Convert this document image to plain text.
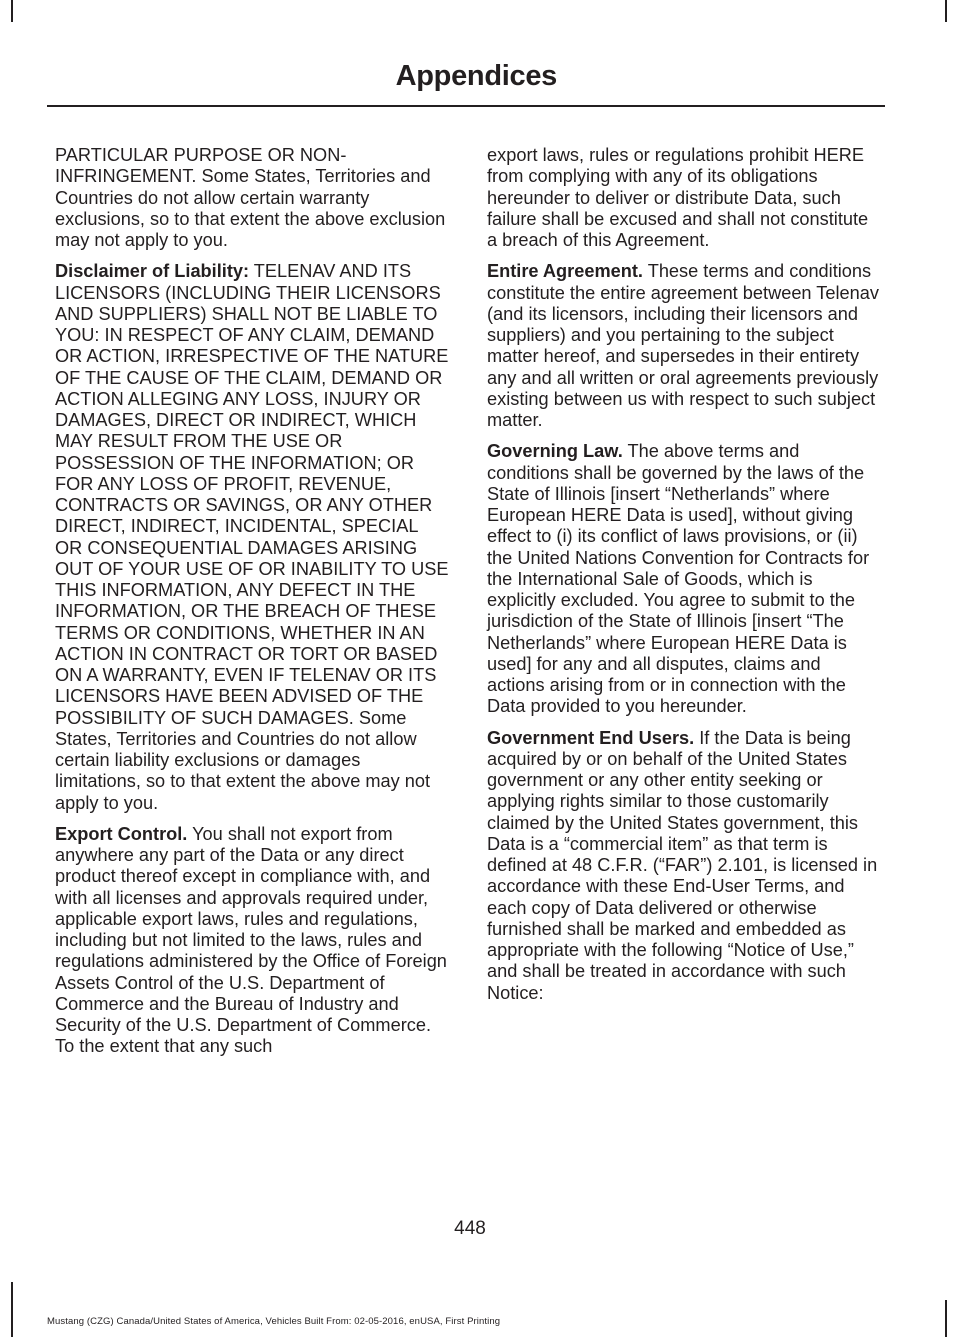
Appendices

PARTICULAR PURPOSE OR NON-INFRINGEMENT. Some States, Territories and Countries do not allow certain warranty exclusions, so to that extent the above exclusion may not apply to you.

Disclaimer of Liability: TELENAV AND ITS LICENSORS (INCLUDING THEIR LICENSORS AND SUPPLIERS) SHALL NOT BE LIABLE TO YOU: IN RESPECT OF ANY CLAIM, DEMAND OR ACTION, IRRESPECTIVE OF THE NATURE OF THE CAUSE OF THE CLAIM, DEMAND OR ACTION ALLEGING ANY LOSS, INJURY OR DAMAGES, DIRECT OR INDIRECT, WHICH MAY RESULT FROM THE USE OR POSSESSION OF THE INFORMATION; OR FOR ANY LOSS OF PROFIT, REVENUE, CONTRACTS OR SAVINGS, OR ANY OTHER DIRECT, INDIRECT, INCIDENTAL, SPECIAL OR CONSEQUENTIAL DAMAGES ARISING OUT OF YOUR USE OF OR INABILITY TO USE THIS INFORMATION, ANY DEFECT IN THE INFORMATION, OR THE BREACH OF THESE TERMS OR CONDITIONS, WHETHER IN AN ACTION IN CONTRACT OR TORT OR BASED ON A WARRANTY, EVEN IF TELENAV OR ITS LICENSORS HAVE BEEN ADVISED OF THE POSSIBILITY OF SUCH DAMAGES. Some States, Territories and Countries do not allow certain liability exclusions or damages limitations, so to that extent the above may not apply to you.

Export Control. You shall not export from anywhere any part of the Data or any direct product thereof except in compliance with, and with all licenses and approvals required under, applicable export laws, rules and regulations, including but not limited to the laws, rules and regulations administered by the Office of Foreign Assets Control of the U.S. Department of Commerce and the Bureau of Industry and Security of the U.S. Department of Commerce. To the extent that any such

export laws, rules or regulations prohibit HERE from complying with any of its obligations hereunder to deliver or distribute Data, such failure shall be excused and shall not constitute a breach of this Agreement.

Entire Agreement. These terms and conditions constitute the entire agreement between Telenav (and its licensors, including their licensors and suppliers) and you pertaining to the subject matter hereof, and supersedes in their entirety any and all written or oral agreements previously existing between us with respect to such subject matter.

Governing Law. The above terms and conditions shall be governed by the laws of the State of Illinois [insert “Netherlands” where European HERE Data is used], without giving effect to (i) its conflict of laws provisions, or (ii) the United Nations Convention for Contracts for the International Sale of Goods, which is explicitly excluded. You agree to submit to the jurisdiction of the State of Illinois [insert “The Netherlands” where European HERE Data is used] for any and all disputes, claims and actions arising from or in connection with the Data provided to you hereunder.

Government End Users. If the Data is being acquired by or on behalf of the United States government or any other entity seeking or applying rights similar to those customarily claimed by the United States government, this Data is a “commercial item” as that term is defined at 48 C.F.R. (“FAR”) 2.101, is licensed in accordance with these End-User Terms, and each copy of Data delivered or otherwise furnished shall be marked and embedded as appropriate with the following “Notice of Use,” and shall be treated in accordance with such Notice:

448
Mustang (CZG) Canada/United States of America, Vehicles Built From: 02-05-2016, enUSA, First Printing
